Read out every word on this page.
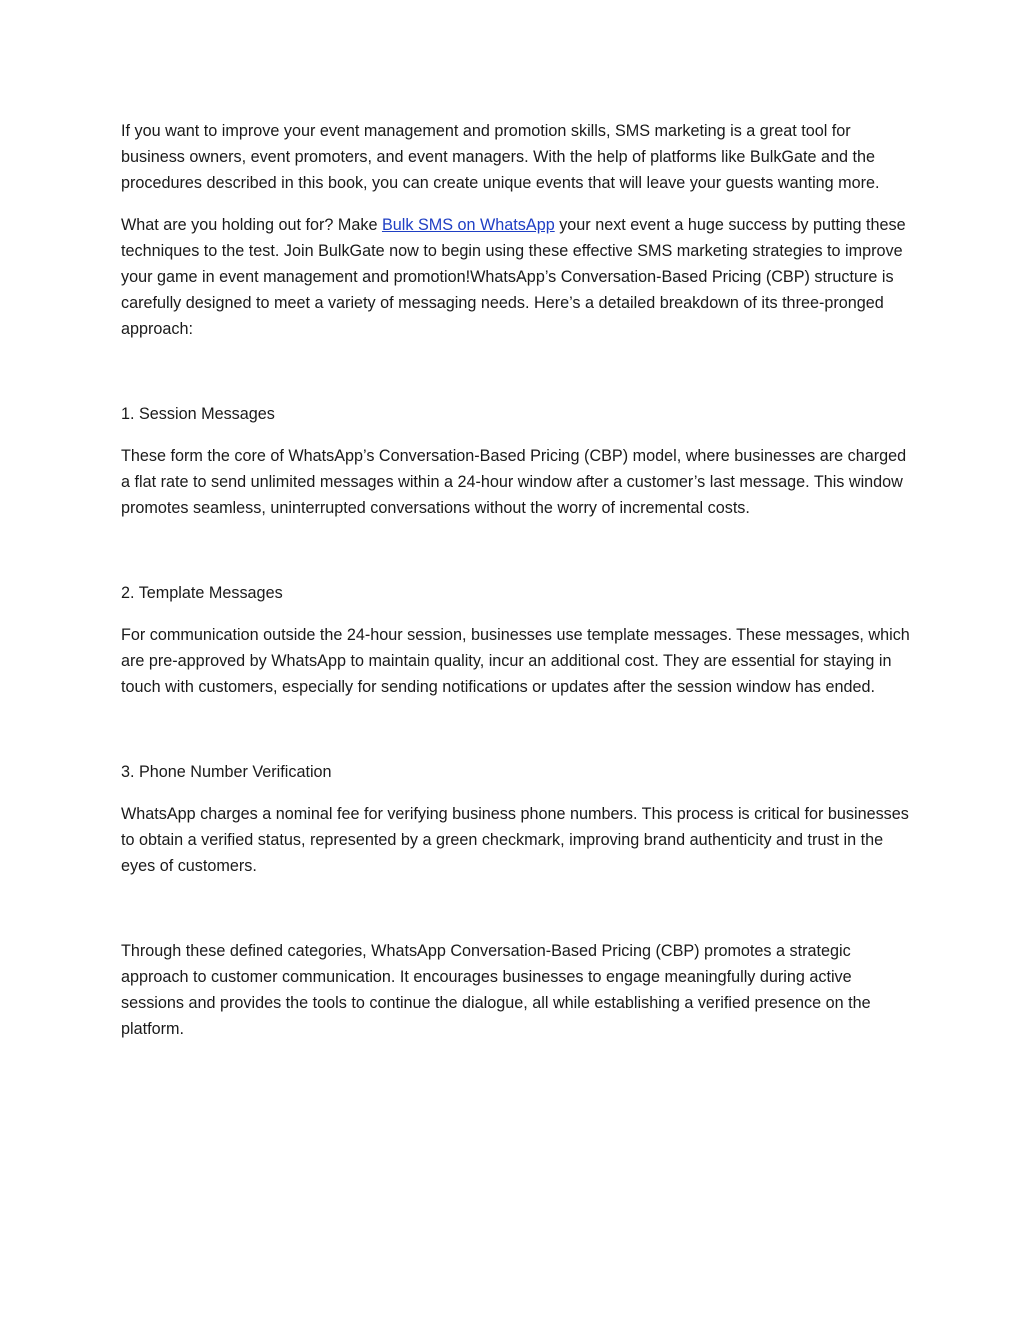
If you want to improve your event management and promotion skills, SMS marketing is a great tool for business owners, event promoters, and event managers. With the help of platforms like BulkGate and the procedures described in this book, you can create unique events that will leave your guests wanting more.

What are you holding out for? Make Bulk SMS on WhatsApp your next event a huge success by putting these techniques to the test. Join BulkGate now to begin using these effective SMS marketing strategies to improve your game in event management and promotion!WhatsApp’s Conversation-Based Pricing (CBP) structure is carefully designed to meet a variety of messaging needs. Here’s a detailed breakdown of its three-pronged approach:

1. Session Messages

These form the core of WhatsApp’s Conversation-Based Pricing (CBP) model, where businesses are charged a flat rate to send unlimited messages within a 24-hour window after a customer’s last message. This window promotes seamless, uninterrupted conversations without the worry of incremental costs.

2. Template Messages

For communication outside the 24-hour session, businesses use template messages. These messages, which are pre-approved by WhatsApp to maintain quality, incur an additional cost. They are essential for staying in touch with customers, especially for sending notifications or updates after the session window has ended.

3. Phone Number Verification

WhatsApp charges a nominal fee for verifying business phone numbers. This process is critical for businesses to obtain a verified status, represented by a green checkmark, improving brand authenticity and trust in the eyes of customers.

Through these defined categories, WhatsApp Conversation-Based Pricing (CBP) promotes a strategic approach to customer communication. It encourages businesses to engage meaningfully during active sessions and provides the tools to continue the dialogue, all while establishing a verified presence on the platform.
